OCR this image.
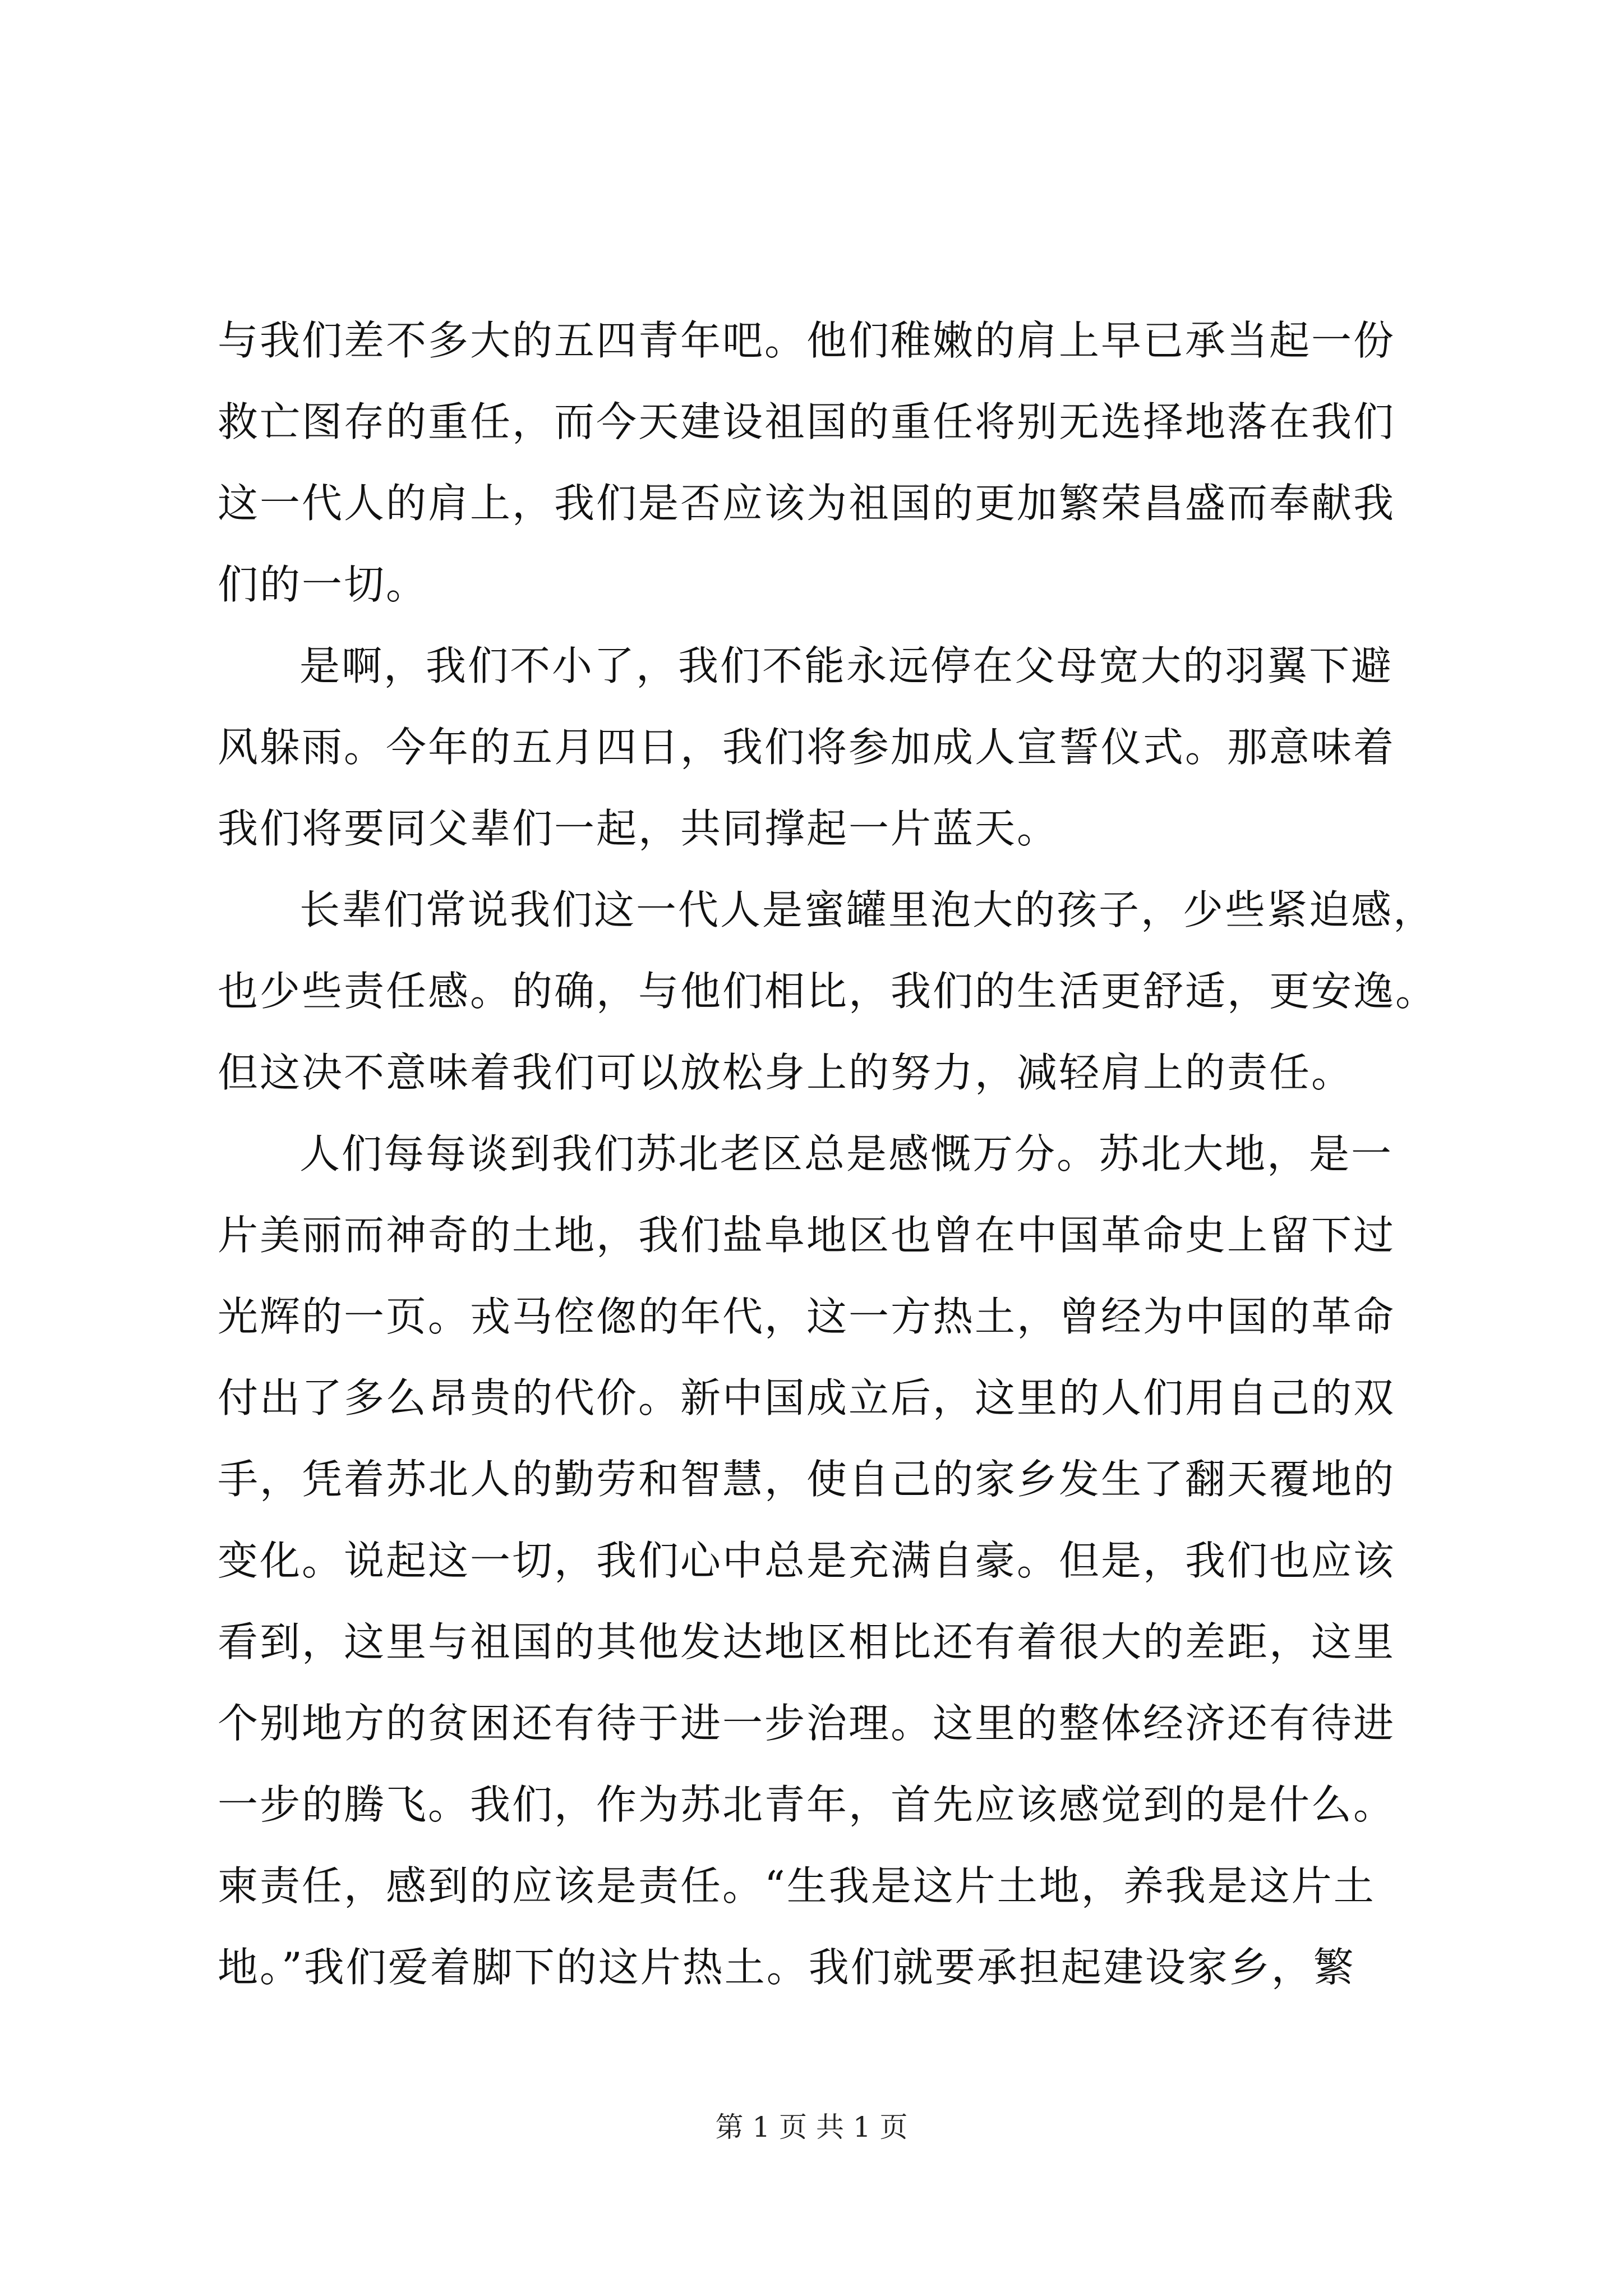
与我们差不多大的五四青年吧。他们稚嫩的肩上早已承当起一份
救亡图存的重任，而今天建设祖国的重任将别无选择地落在我们
这一代人的肩上，我们是否应该为祖国的更加繁荣昌盛而奉献我
们的一切。
是啊，我们不小了，我们不能永远停在父母宽大的羽翼下避
风躲雨。今年的五月四日，我们将参加成人宣誓仪式。那意味着
我们将要同父辈们一起，共同撑起一片蓝天。
长辈们常说我们这一代人是蜜罐里泡大的孩子，少些紧迫感，
也少些责任感。的确，与他们相比，我们的生活更舒适，更安逸。
但这决不意味着我们可以放松身上的努力，减轻肩上的责任。
人们每每谈到我们苏北老区总是感慨万分。苏北大地，是一
片美丽而神奇的土地，我们盐阜地区也曾在中国革命史上留下过
光辉的一页。戎马倥偬的年代，这一方热土，曾经为中国的革命
付出了多么昂贵的代价。新中国成立后，这里的人们用自己的双
手，凭着苏北人的勤劳和智慧，使自己的家乡发生了翻天覆地的
变化。说起这一切，我们心中总是充满自豪。但是，我们也应该
看到，这里与祖国的其他发达地区相比还有着很大的差距，这里
个别地方的贫困还有待于进一步治理。这里的整体经济还有待进
一步的腾飞。我们，作为苏北青年，首先应该感觉到的是什么。
柬责任，感到的应该是责任。“生我是这片土地，养我是这片土
地。”我们爱着脚下的这片热土。我们就要承担起建设家乡，繁
第 1 页 共 1 页
